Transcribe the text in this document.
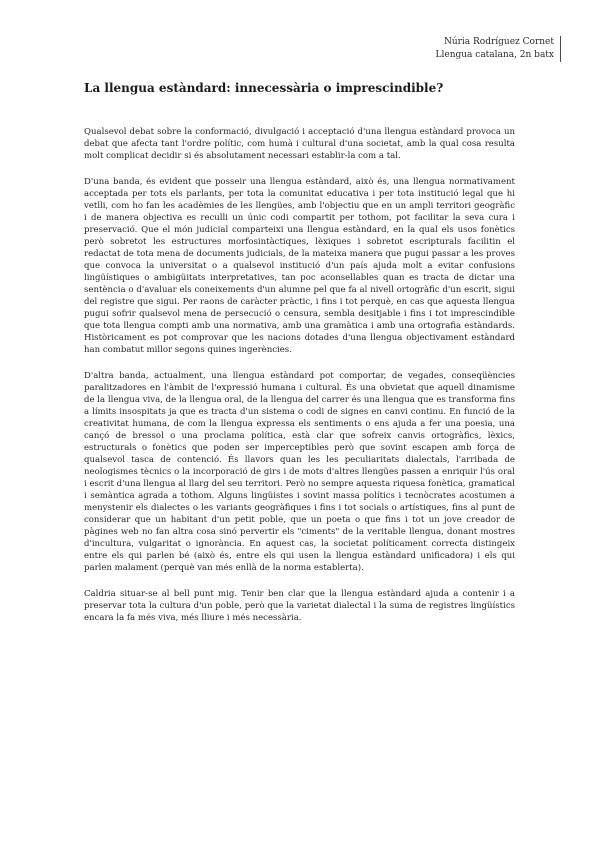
Núria Rodríguez Cornet
Llengua catalana, 2n batx
La llengua estàndard: innecessària o imprescindible?

Qualsevol debat sobre la conformació, divulgació i acceptació d'una llengua estàndard provoca un debat que afecta tant l'ordre polític, com humà i cultural d'una societat, amb la qual cosa resulta molt complicat decidir si és absolutament necessari establir-la com a tal.

D'una banda, és evident que posseir una llengua estàndard, això és, una llengua normativament acceptada per tots els parlants, per tota la comunitat educativa i per tota institució legal que hi vetlli, com ho fan les acadèmies de les llengües, amb l'objectiu que en un ampli territori geogràfic i de manera objectiva es reculli un únic codi compartit per tothom, pot facilitar la seva cura i preservació. Que el món judicial comparteixi una llengua estàndard, en la qual els usos fonètics però sobretot les estructures morfosintàctiques, lèxiques i sobretot escripturals facilitin el redactat de tota mena de documents judicials, de la mateixa manera que pugui passar a les proves que convoca la universitat o a qualsevol institució d'un país ajuda molt a evitar confusions lingüístiques o ambigüitats interpretatives, tan poc aconsellables quan es tracta de dictar una sentència o d'avaluar els coneixements d'un alumne pel que fa al nivell ortogràfic d'un escrit, sigui del registre que sigui. Per raons de caràcter pràctic, i fins i tot perquè, en cas que aquesta llengua pugui sofrir qualsevol mena de persecució o censura, sembla desitjable i fins i tot imprescindible que tota llengua compti amb una normativa, amb una gramàtica i amb una ortografia estàndards. Històricament es pot comprovar que les nacions dotades d'una llengua objectivament estàndard han combatut millor segons quines ingerències.

D'altra banda, actualment, una llengua estàndard pot comportar, de vegades, conseqüències paralitzadores en l'àmbit de l'expressió humana i cultural. És una obvietat que aquell dinamisme de la llengua viva, de la llengua oral, de la llengua del carrer és una llengua que es transforma fins a límits insospitats ja que es tracta d'un sistema o codi de signes en canvi continu. En funció de la creativitat humana, de com la llengua expressa els sentiments o ens ajuda a fer una poesia, una cançó de bressol o una proclama política, està clar que sofreix canvis ortogràfics, lèxics, estructurals o fonètics que poden ser imperceptibles però que sovint escapen amb força de qualsevol tasca de contenció. És llavors quan les les peculiaritats dialectals, l'arribada de neologismes tècnics o la incorporació de girs i de mots d'altres llengües passen a enriquir l'ús oral i escrit d'una llengua al llarg del seu territori. Però no sempre aquesta riquesa fonètica, gramatical i semàntica agrada a tothom. Alguns lingüistes i sovint massa polítics i tecnòcrates acostumen a menystenir els dialectes o les variants geogràfiques i fins i tot socials o artístiques, fins al punt de considerar que un habitant d'un petit poble, que un poeta o que fins i tot un jove creador de pàgines web no fan altra cosa sinó pervertir els "ciments" de la veritable llengua, donant mostres d'incultura, vulgaritat o ignorància. En aquest cas, la societat políticament correcta distingeix entre els qui parlen bé (això és, entre els qui usen la llengua estàndard unificadora) i els qui parlen malament (perquè van més enllà de la norma establerta).

Caldria situar-se al bell punt mig. Tenir ben clar que la llengua estàndard ajuda a contenir i a preservar tota la cultura d'un poble, però que la varietat dialectal i la suma de registres lingüístics encara la fa més viva, més lliure i més necessària.
